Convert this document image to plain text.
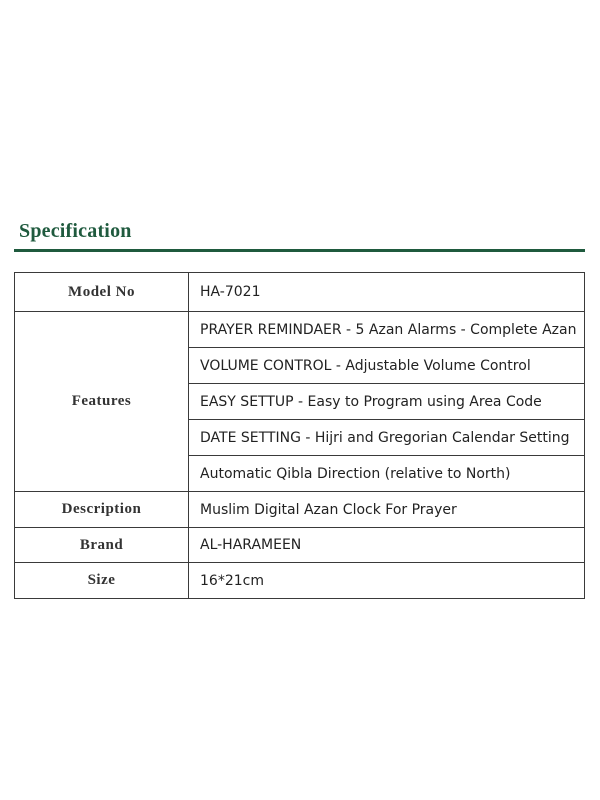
Specification
Model No	HA-7021
Features	PRAYER REMINDAER - 5 Azan Alarms - Complete Azan
	VOLUME CONTROL - Adjustable Volume Control
	EASY SETTUP - Easy to Program using Area Code
	DATE SETTING - Hijri and Gregorian Calendar Setting
	Automatic Qibla Direction (relative to North)
Description	Muslim Digital Azan Clock For Prayer
Brand	AL-HARAMEEN
Size	16*21cm
